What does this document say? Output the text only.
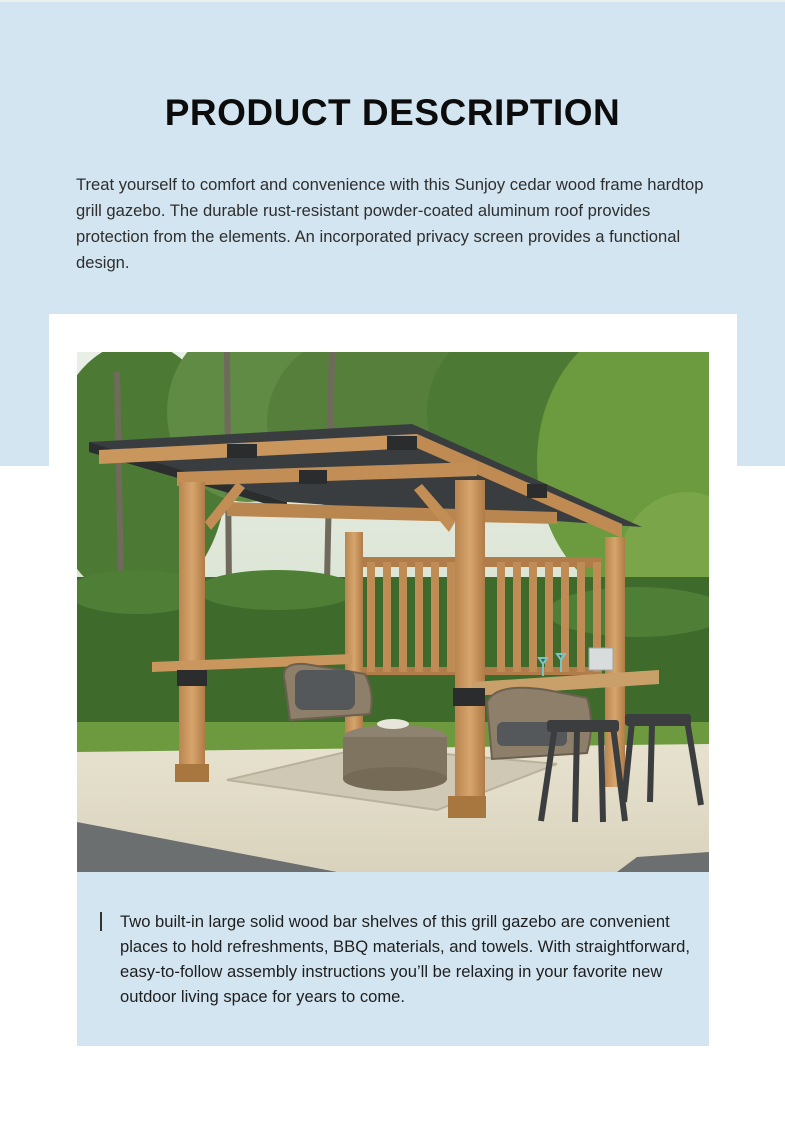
PRODUCT DESCRIPTION

Treat yourself to comfort and convenience with this Sunjoy cedar wood frame hardtop grill gazebo. The durable rust-resistant powder-coated aluminum roof provides protection from the elements. An incorporated privacy screen provides a functional design.

Two built-in large solid wood bar shelves of this grill gazebo are convenient places to hold refreshments, BBQ materials, and towels. With straightforward, easy-to-follow assembly instructions you’ll be relaxing in your favorite new outdoor living space for years to come.
